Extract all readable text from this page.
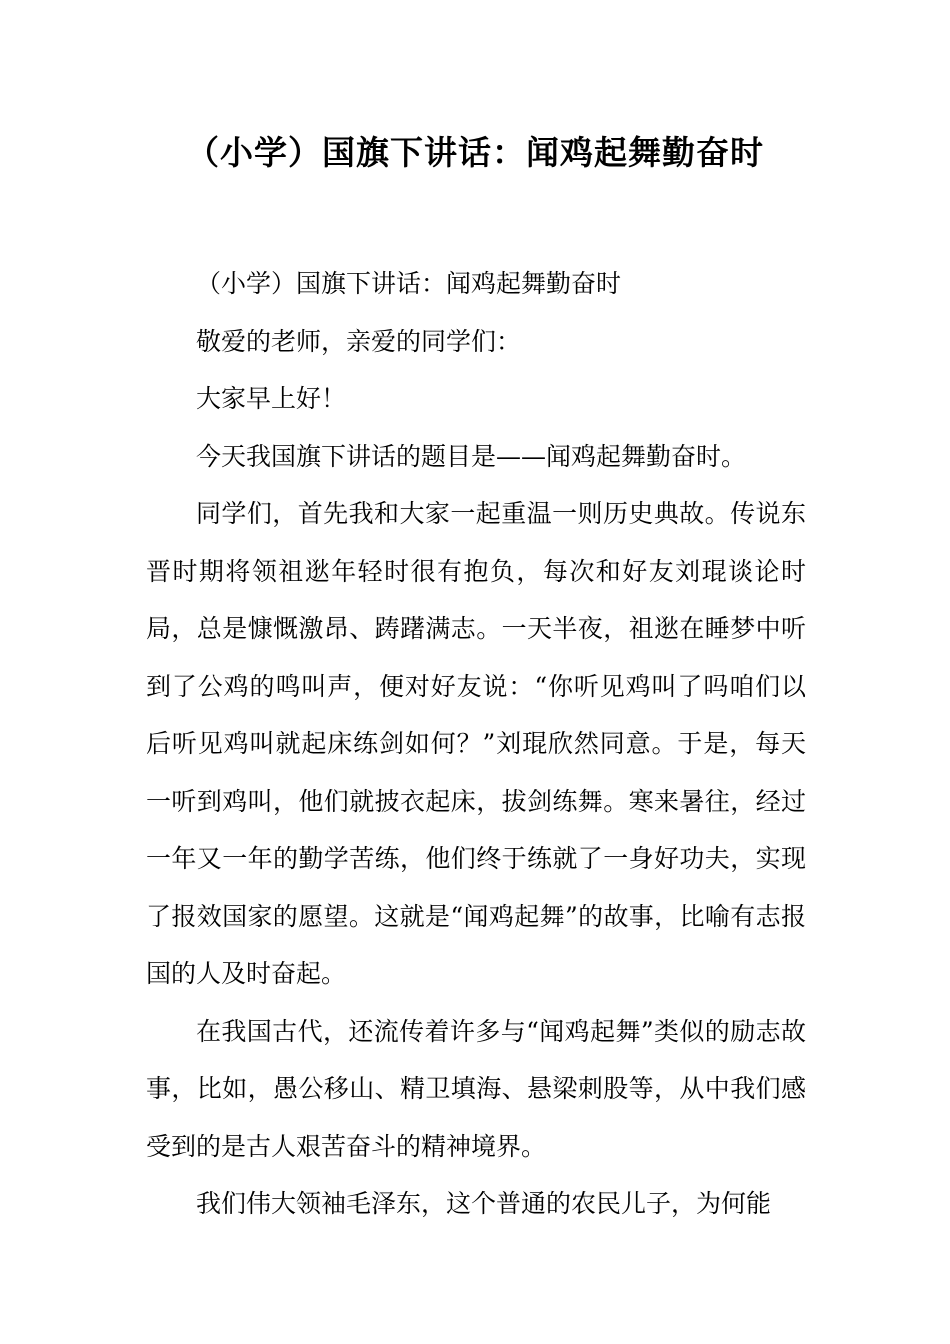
（小学）国旗下讲话：闻鸡起舞勤奋时

（小学）国旗下讲话：闻鸡起舞勤奋时

敬爱的老师，亲爱的同学们：

大家早上好！

今天我国旗下讲话的题目是——闻鸡起舞勤奋时。

同学们，首先我和大家一起重温一则历史典故。传说东晋时期将领祖逖年轻时很有抱负，每次和好友刘琨谈论时局，总是慷慨激昂、踌躇满志。一天半夜，祖逖在睡梦中听到了公鸡的鸣叫声，便对好友说：“你听见鸡叫了吗咱们以后听见鸡叫就起床练剑如何？”刘琨欣然同意。于是，每天一听到鸡叫，他们就披衣起床，拔剑练舞。寒来暑往，经过一年又一年的勤学苦练，他们终于练就了一身好功夫，实现了报效国家的愿望。这就是“闻鸡起舞”的故事，比喻有志报国的人及时奋起。

在我国古代，还流传着许多与“闻鸡起舞”类似的励志故事，比如，愚公移山、精卫填海、悬梁刺股等，从中我们感受到的是古人艰苦奋斗的精神境界。

我们伟大领袖毛泽东，这个普通的农民儿子，为何能
